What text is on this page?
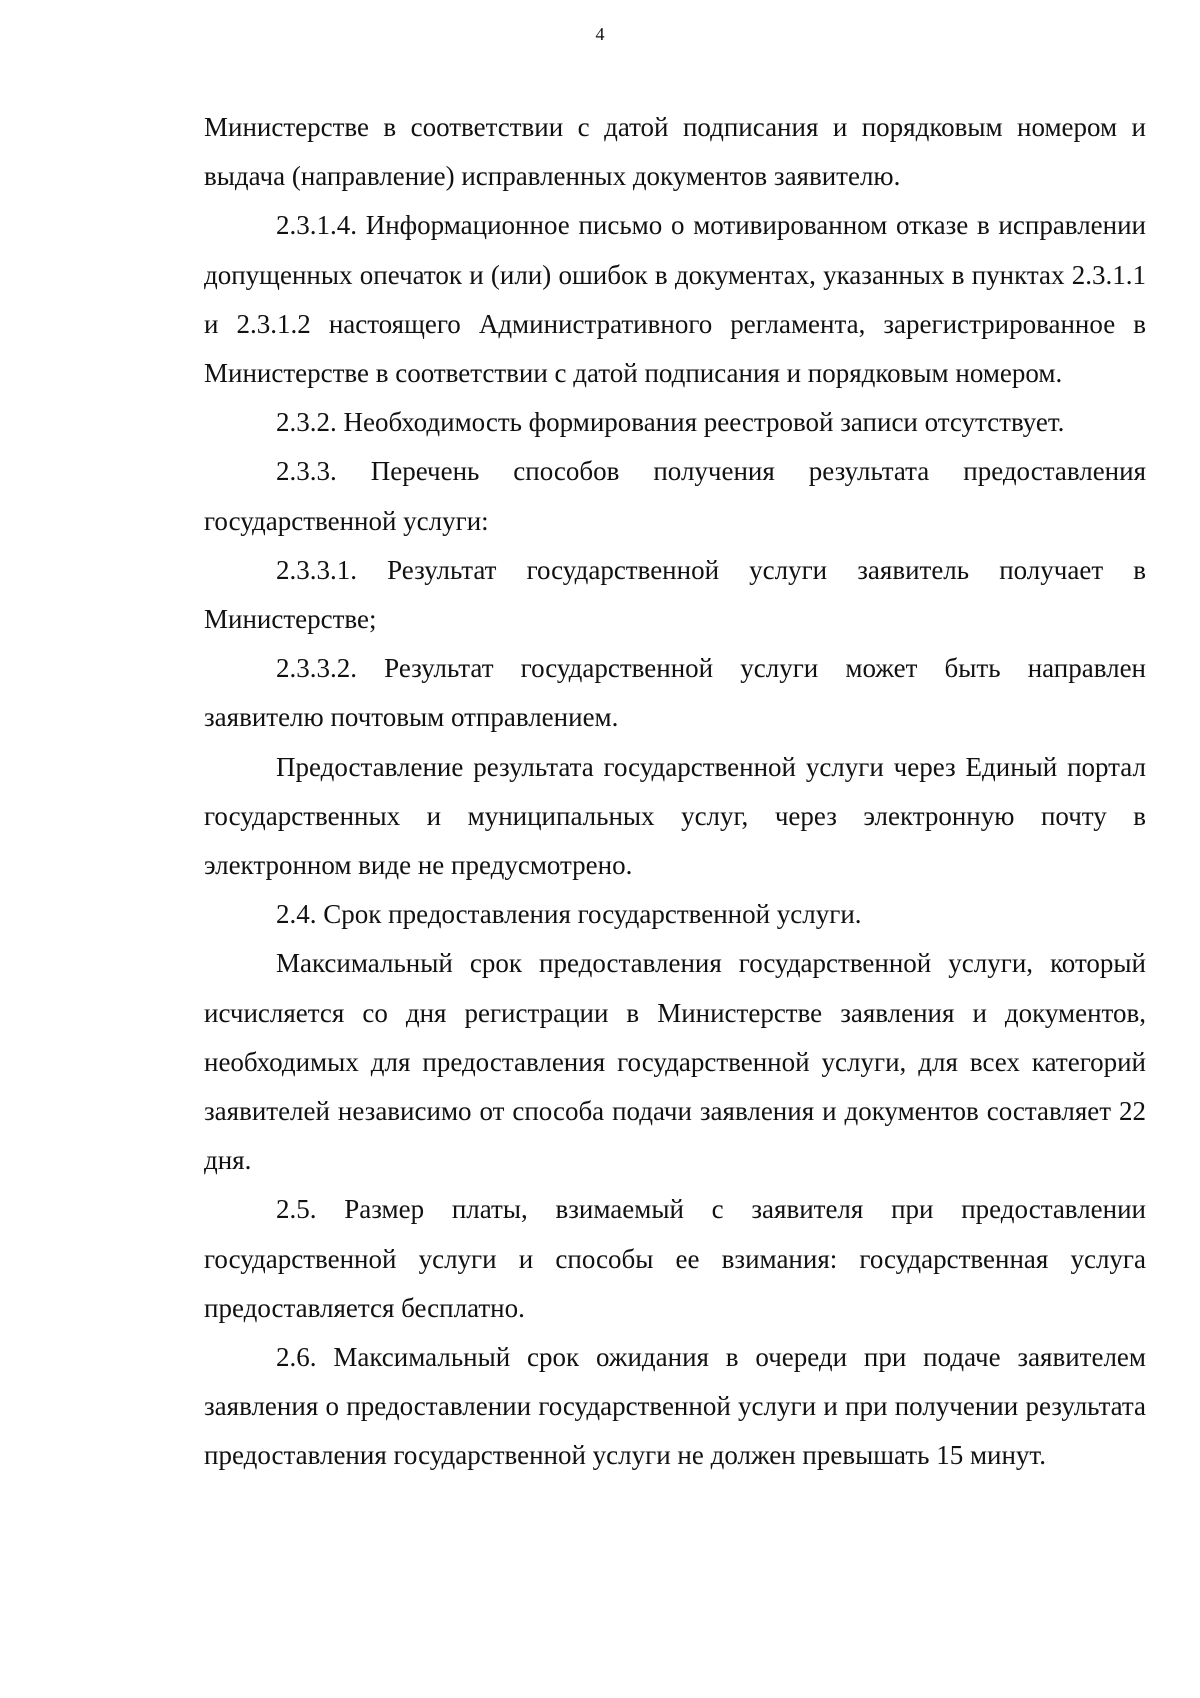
4

Министерстве в соответствии с датой подписания и порядковым номером и выдача (направление) исправленных документов заявителю.

2.3.1.4. Информационное письмо о мотивированном отказе в исправлении допущенных опечаток и (или) ошибок в документах, указанных в пунктах 2.3.1.1 и 2.3.1.2 настоящего Административного регламента, зарегистрированное в Министерстве в соответствии с датой подписания и порядковым номером.

2.3.2. Необходимость формирования реестровой записи отсутствует.

2.3.3. Перечень способов получения результата предоставления государственной услуги:

2.3.3.1. Результат государственной услуги заявитель получает в Министерстве;

2.3.3.2. Результат государственной услуги может быть направлен заявителю почтовым отправлением.

Предоставление результата государственной услуги через Единый портал государственных и муниципальных услуг, через электронную почту в электронном виде не предусмотрено.

2.4. Срок предоставления государственной услуги.

Максимальный срок предоставления государственной услуги, который исчисляется со дня регистрации в Министерстве заявления и документов, необходимых для предоставления государственной услуги, для всех категорий заявителей независимо от способа подачи заявления и документов составляет 22 дня.

2.5. Размер платы, взимаемый с заявителя при предоставлении государственной услуги и способы ее взимания: государственная услуга предоставляется бесплатно.

2.6. Максимальный срок ожидания в очереди при подаче заявителем заявления о предоставлении государственной услуги и при получении результата предоставления государственной услуги не должен превышать 15 минут.
